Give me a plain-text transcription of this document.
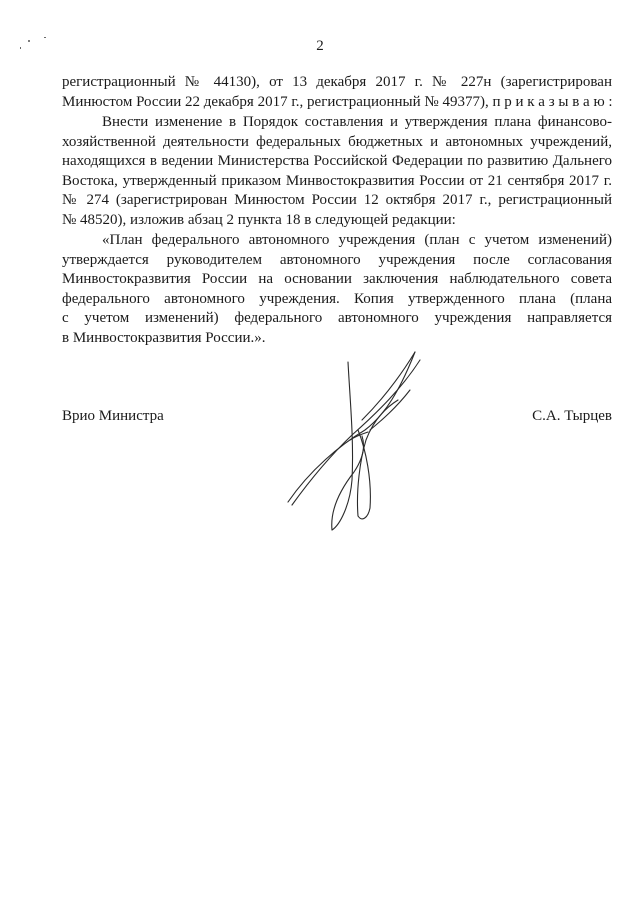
2
регистрационный № 44130), от 13 декабря 2017 г. № 227н (зарегистрирован
Минюстом России 22 декабря 2017 г., регистрационный № 49377), п р и к а з ы в а ю :
Внести изменение в Порядок составления и утверждения плана финансово-
хозяйственной деятельности федеральных бюджетных и автономных учреждений,
находящихся в ведении Министерства Российской Федерации по развитию Дальнего
Востока, утвержденный приказом Минвостокразвития России от 21 сентября 2017 г.
№ 274 (зарегистрирован Минюстом России 12 октября 2017 г., регистрационный
№ 48520), изложив абзац 2 пункта 18 в следующей редакции:
«План федерального автономного учреждения (план с учетом изменений)
утверждается руководителем автономного учреждения после согласования
Минвостокразвития России на основании заключения наблюдательного совета
федерального автономного учреждения. Копия утвержденного плана (плана
с учетом изменений) федерального автономного учреждения направляется
в Минвостокразвития России.».
Врио Министра	С.А. Тырцев
